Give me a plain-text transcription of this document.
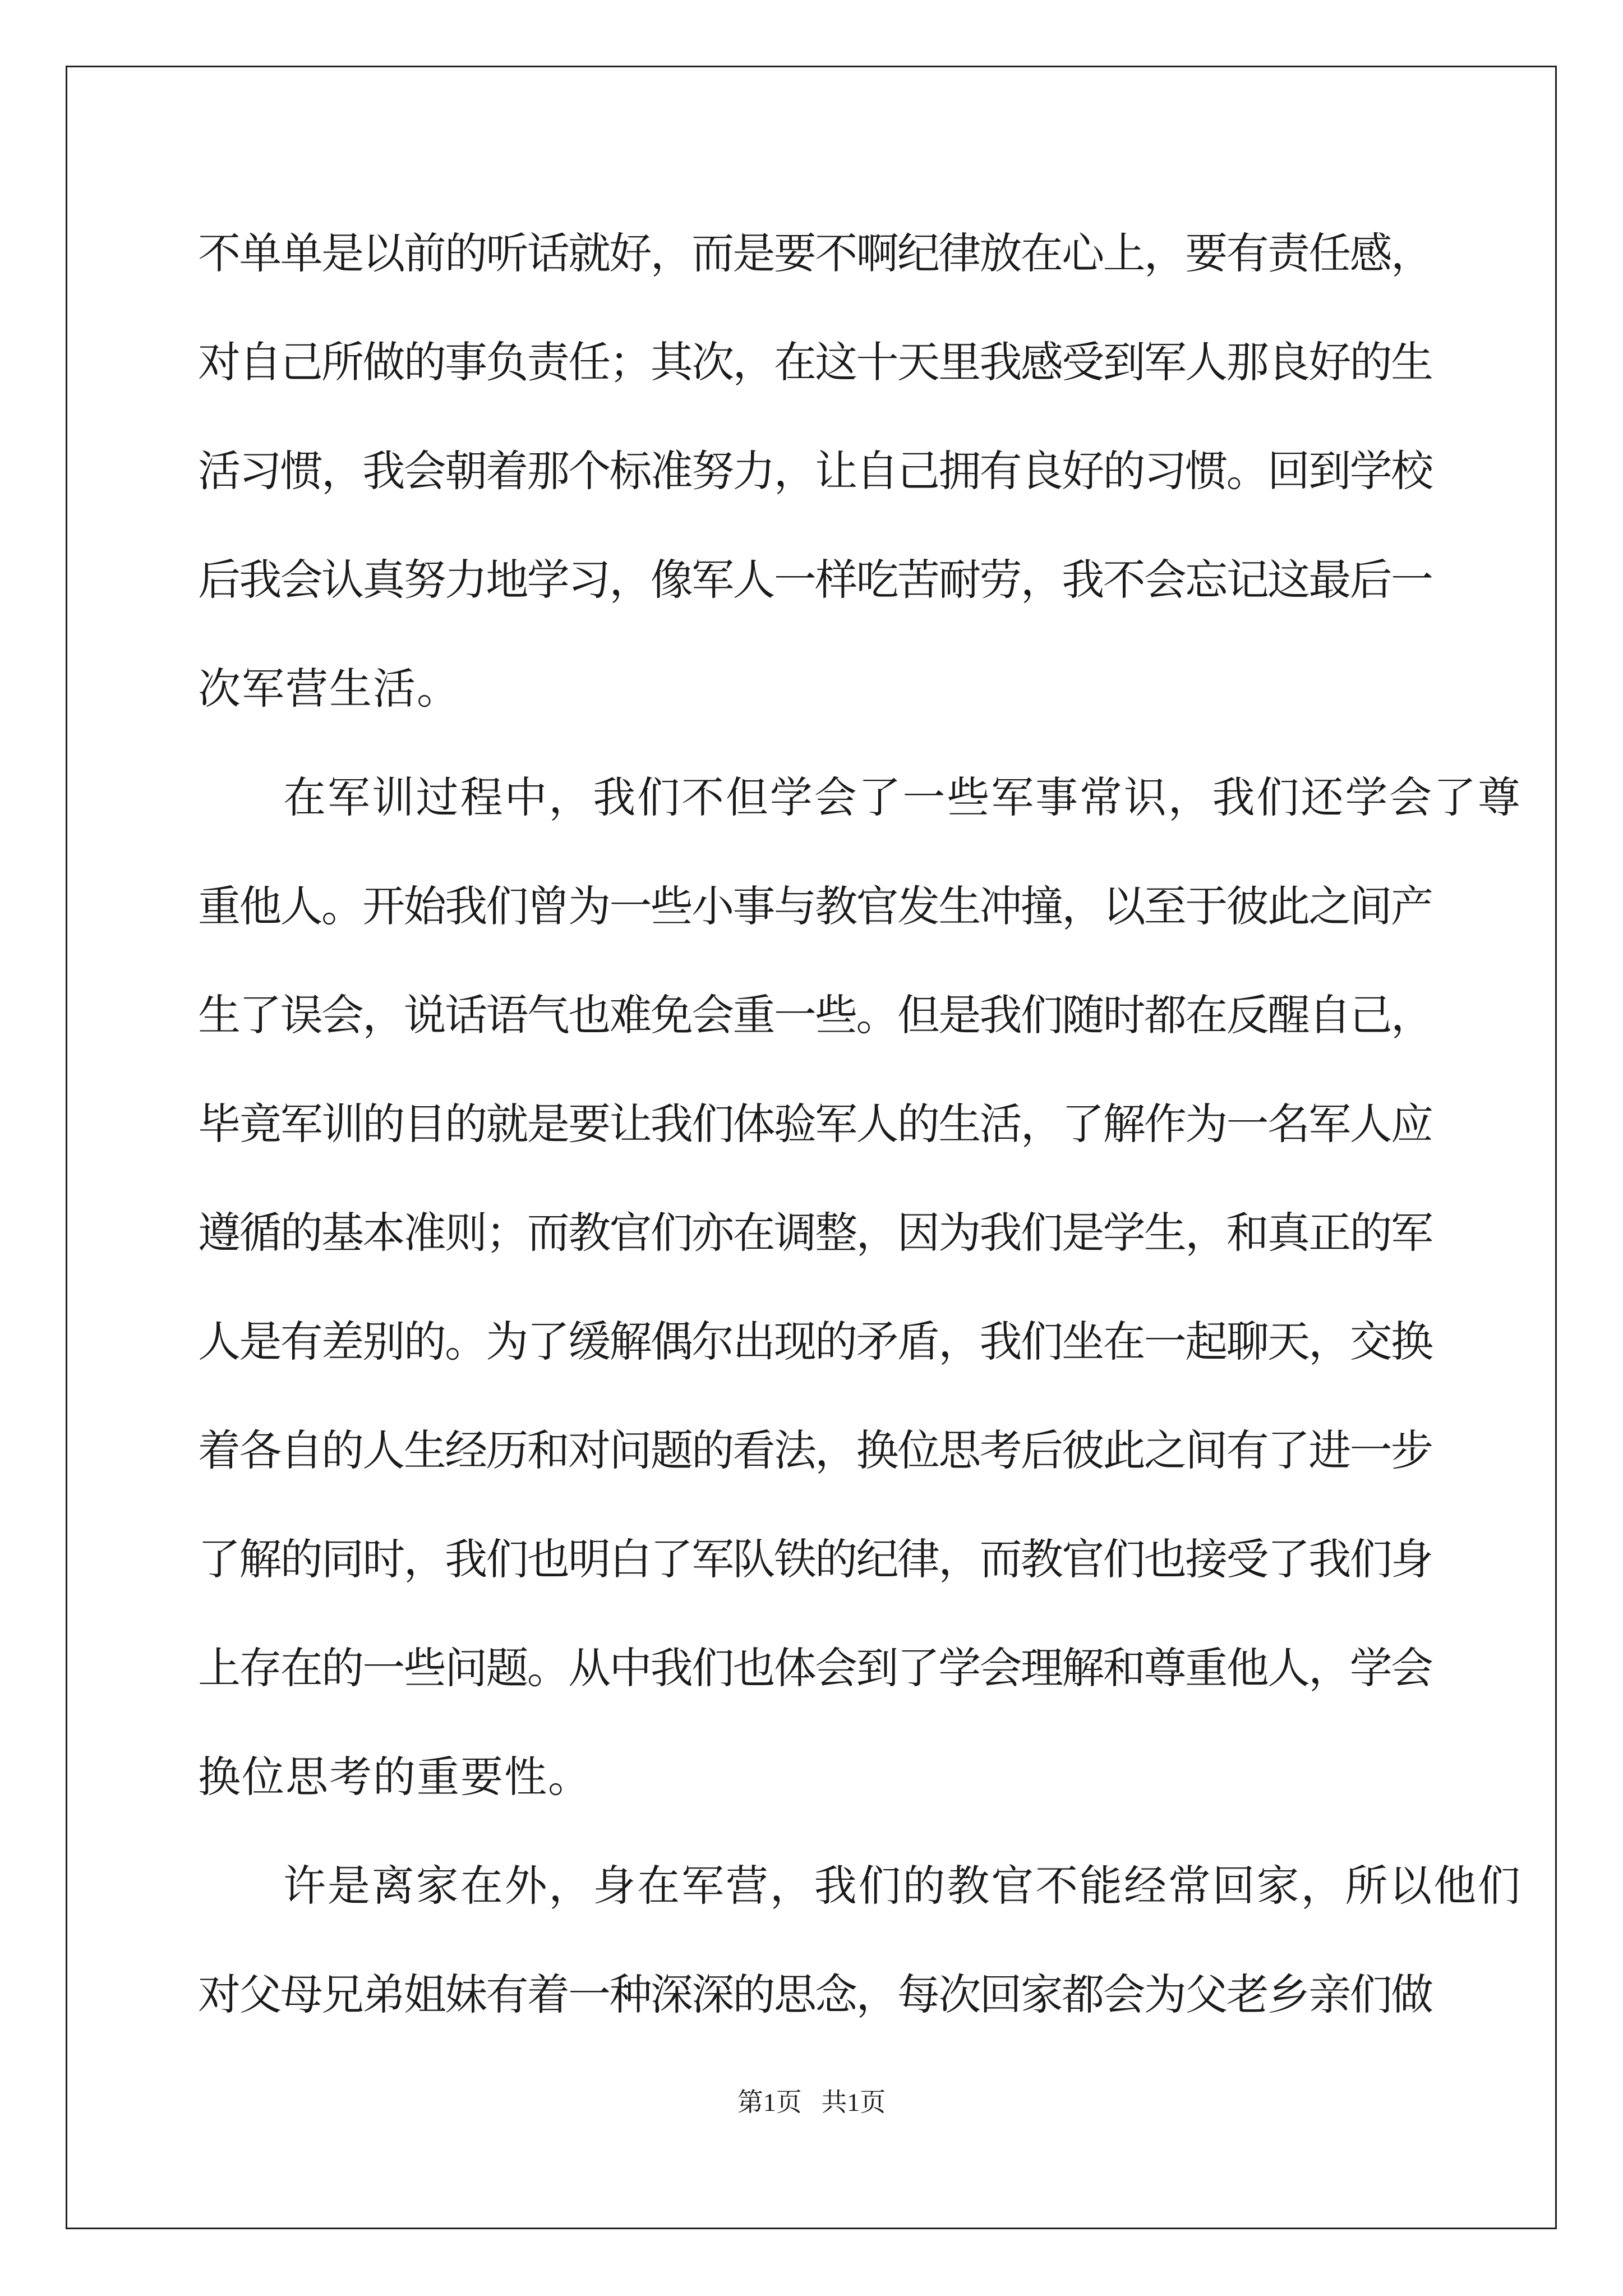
不单单是以前的听话就好，而是要不啊纪律放在心上，要有责任感，
对自己所做的事负责任；其次，在这十天里我感受到军人那良好的生
活习惯，我会朝着那个标准努力，让自己拥有良好的习惯。回到学校
后我会认真努力地学习，像军人一样吃苦耐劳，我不会忘记这最后一
次军营生活。
在军训过程中，我们不但学会了一些军事常识，我们还学会了尊
重他人。开始我们曾为一些小事与教官发生冲撞，以至于彼此之间产
生了误会，说话语气也难免会重一些。但是我们随时都在反醒自己，
毕竟军训的目的就是要让我们体验军人的生活，了解作为一名军人应
遵循的基本准则；而教官们亦在调整，因为我们是学生，和真正的军
人是有差别的。为了缓解偶尔出现的矛盾，我们坐在一起聊天，交换
着各自的人生经历和对问题的看法，换位思考后彼此之间有了进一步
了解的同时，我们也明白了军队铁的纪律，而教官们也接受了我们身
上存在的一些问题。从中我们也体会到了学会理解和尊重他人，学会
换位思考的重要性。
许是离家在外，身在军营，我们的教官不能经常回家，所以他们
对父母兄弟姐妹有着一种深深的思念，每次回家都会为父老乡亲们做
第1页   共1页
